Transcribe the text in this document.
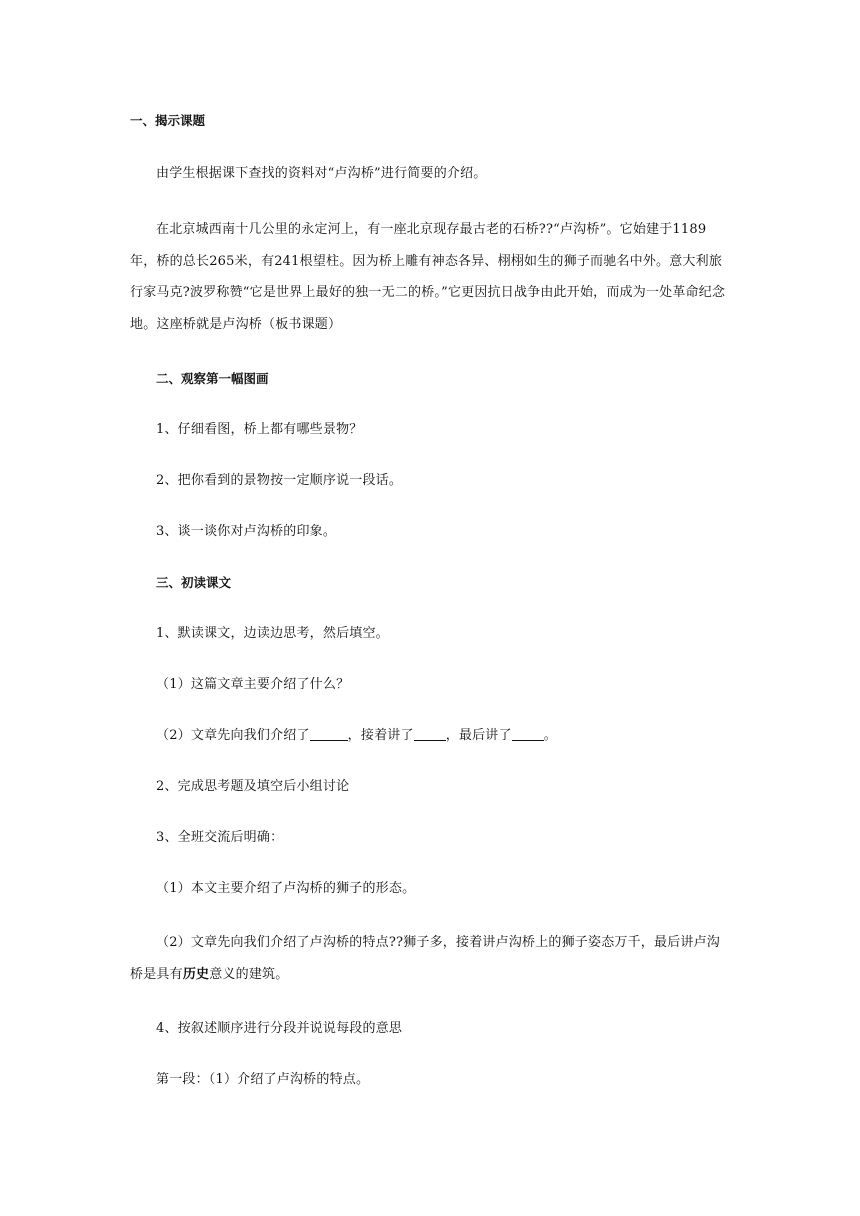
一、揭示课题

由学生根据课下查找的资料对“卢沟桥”进行简要的介绍。

在北京城西南十几公里的永定河上，有一座北京现存最古老的石桥??“卢沟桥”。它始建于1189年，桥的总长265米，有241根望柱。因为桥上雕有神态各异、栩栩如生的狮子而驰名中外。意大利旅行家马克?波罗称赞“它是世界上最好的独一无二的桥。”它更因抗日战争由此开始，而成为一处革命纪念地。这座桥就是卢沟桥（板书课题）

二、观察第一幅图画

1、仔细看图，桥上都有哪些景物？

2、把你看到的景物按一定顺序说一段话。

3、谈一谈你对卢沟桥的印象。

三、初读课文

1、默读课文，边读边思考，然后填空。

（1）这篇文章主要介绍了什么？

（2）文章先向我们介绍了	，接着讲了 ，最后讲了 。

2、完成思考题及填空后小组讨论

3、全班交流后明确：

（1）本文主要介绍了卢沟桥的狮子的形态。

（2）文章先向我们介绍了卢沟桥的特点??狮子多，接着讲卢沟桥上的狮子姿态万千，最后讲卢沟桥是具有历史意义的建筑。

4、按叙述顺序进行分段并说说每段的意思

第一段：（1）介绍了卢沟桥的特点。
